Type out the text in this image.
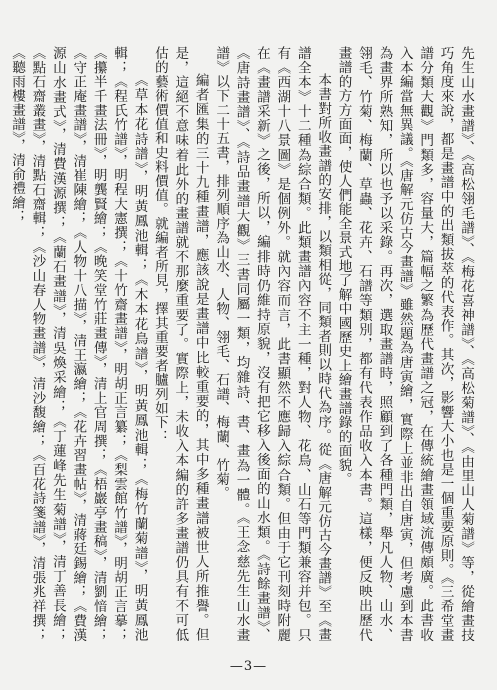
先生山水畫譜》、《高松翎毛譜》、《梅花喜神譜》、《高松菊譜》、《由里山人菊譜》等，從繪畫技巧角度來說，都是畫譜中的出類拔萃的代表作。其次，影響大小也是一個重要原則。《三希堂畫譜分類大觀》門類多，容量大，篇幅之繁為歷代畫譜之冠，在傳統繪畫領域流傳頗廣。此書收入本編當無異議。《唐解元仿古今畫譜》雖然題為唐寅繪，實際上並非出自唐寅，但考慮到本書為畫界所熟知，所以也予以采錄。再次，選取畫譜時，照顧到了各種門類，舉凡人物、山水、翎毛、竹菊、梅蘭、草蟲、花卉、石譜等類別，都有代表作品收入本書。這樣，便反映出歷代畫譜的方方面面，使人們能全景式地了解中國歷史上繪畫譜錄的面貌。

本書對所收畫譜的安排，以類相從，同類者則以時代為序。從《唐解元仿古今畫譜》至《畫譜全本》十二種為綜合類。此類畫譜內容不主一種，對人物、花鳥、山石等門類兼容并包。只有《西湖十八景圖》是個例外。就內容而言，此書顯然不應歸入綜合類。但由于它刊刻時附麗在《畫譜采新》之後，所以，編排時仍維持原貌，沒有把它移入後面的山水類。《詩餘畫譜》、《唐詩畫譜》、《詩品畫譜大觀》三書同屬一類，均雜詩、書、畫為一體。《王念慈先生山水畫譜》以下二十五書，排列順序為山水、人物、翎毛、石譜、梅蘭、竹菊。

編者匯集的三十九種畫譜，應該說是畫譜中比較重要的，其中多種畫譜被世人所推譽。但是，這絕不意味着此外的畫譜就不那麼重要了。實際上，未收入本編的許多畫譜仍具有不可低估的藝術價值和史料價值。就編者所見，擇其重要者臚列如下：

《草本花詩譜》，明黃鳳池輯；《木本花鳥譜》，明黃鳳池輯；《梅竹蘭菊譜》，明黃鳳池輯；《程氏竹譜》，明程大憲撰；《十竹齋畫譜》，明胡正言纂；《梨雲館竹譜》，明胡正言摹；《攥半千畫法冊》，明龔賢繪；《晚笑堂竹莊畫傳》，清上官周撰；《梧巖亭畫稿》，清劉愔繪；《守正庵畫譜》，清崔陳繪；《人物十八描》，清王瀛繪；《花卉習畫帖》，清蔣廷錫繪；《費漢源山水畫式》，清費漢源撰；《蘭石畫譜》，清吳煥采繪；《丁蓮峰先生菊譜》，清丁善長繪；《點石齋叢畫》，清點石齋輯；《沙山春人物畫譜》，清沙馥繪；《百花詩箋譜》，清張兆祥撰；《聽雨樓畫譜》，清俞禮繪；

—3—
